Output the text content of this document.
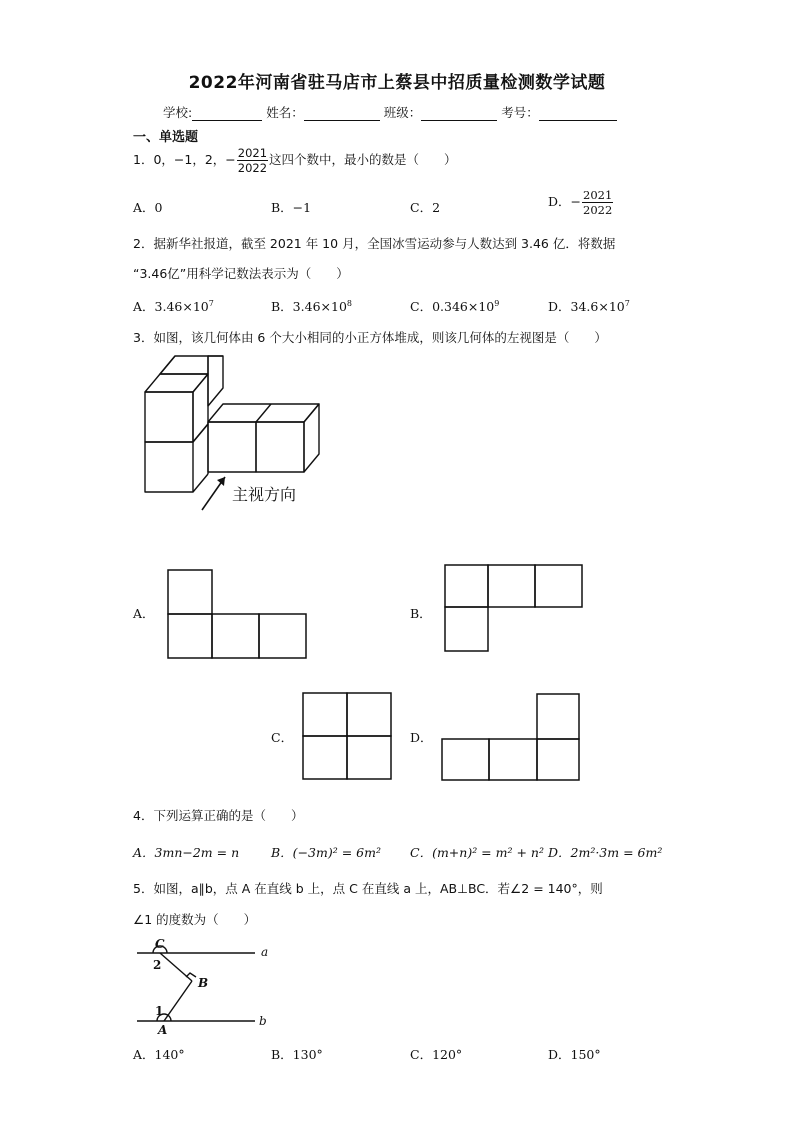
2022年河南省驻马店市上蔡县中招质量检测数学试题
学校:	姓名：	班级：	考号：
一、单选题
1．0，−1，2，− $\frac{2021}{2022}$ 这四个数中，最小的数是（　　）
A．0	B．−1	C．2	D．− $\frac{2021}{2022}$
2．据新华社报道，截至 2021 年 10 月，全国冰雪运动参与人数达到 3.46 亿．将数据
“3.46亿”用科学记数法表示为（　　）
A．$3.46\times 10^7$	B．$3.46\times 10^8$	C．$0.346\times 10^9$	D．$34.6\times 10^7$
3．如图，该几何体由 6 个大小相同的小正方体堆成，则该几何体的左视图是（　　）
主视方向
A．	B．
C．	D．
4．下列运算正确的是（　　）
A．3mn−2m = n	B．(−3m)² = 6m² C．(m+n)² = m² + n² D．2m²·3m = 6m²
5．如图，a∥b，点 A 在直线 b 上，点 C 在直线 a 上，AB⊥BC．若∠2 = 140°，则
∠1 的度数为（　　）
C
a
2
B
1
A
b
A．140°	B．130°	C．120°	D．150°
